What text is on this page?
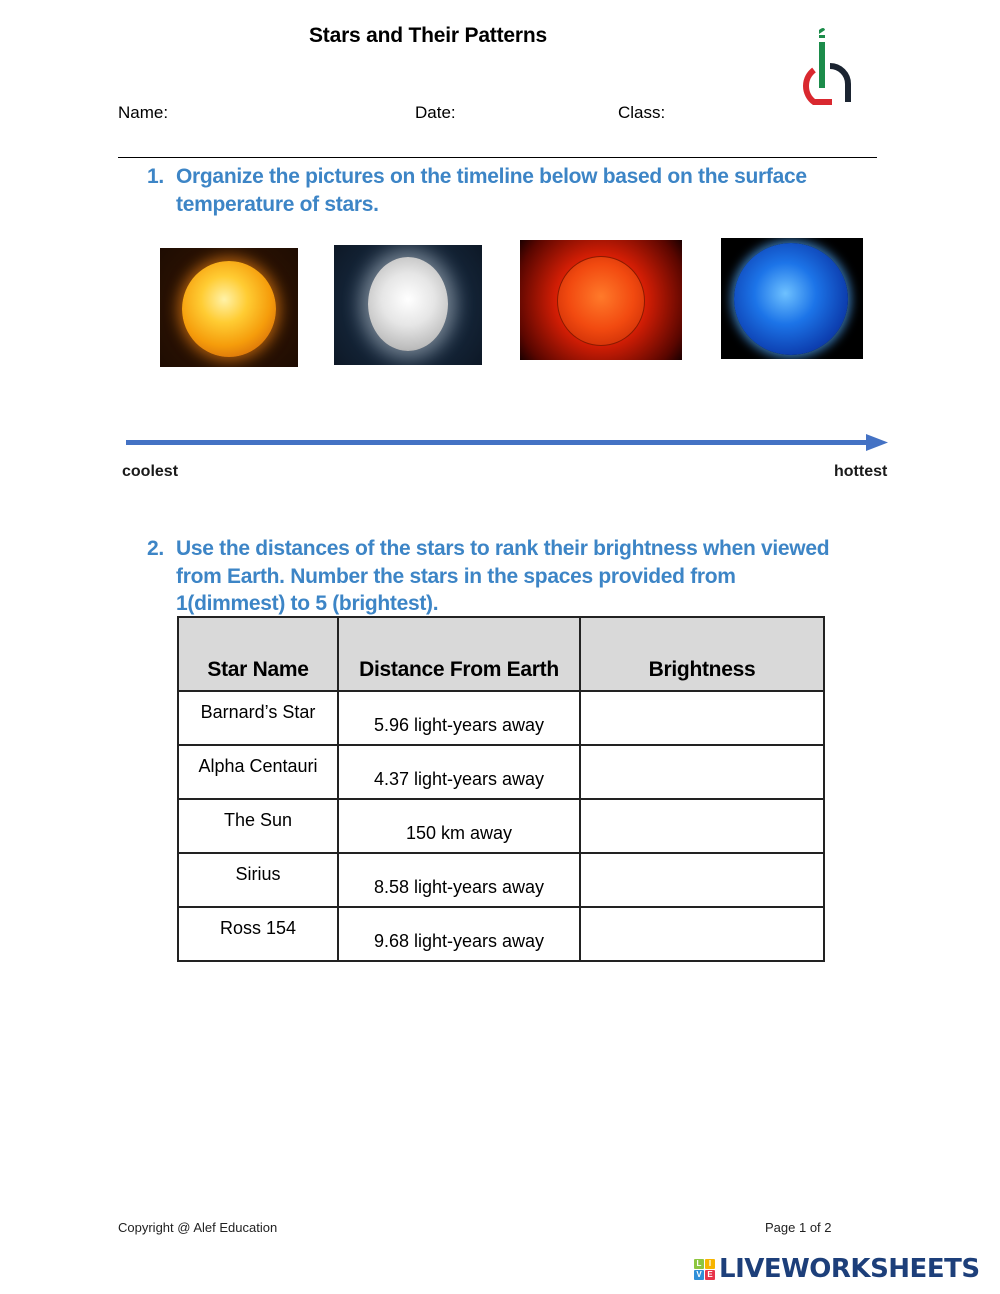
Stars and Their Patterns
Name:	Date:	Class:
1. Organize the pictures on the timeline below based on the surface
temperature of stars.
coolest	hottest
2. Use the distances of the stars to rank their brightness when viewed
from Earth. Number the stars in the spaces provided from
1(dimmest) to 5 (brightest).
Star Name	Distance From Earth	Brightness
Barnard’s Star	5.96 light-years away	
Alpha Centauri	4.37 light-years away	
The Sun	150 km away	
Sirius	8.58 light-years away	
Ross 154	9.68 light-years away	
Copyright @ Alef Education	Page 1 of 2
L I
V E LIVEWORKSHEETS
